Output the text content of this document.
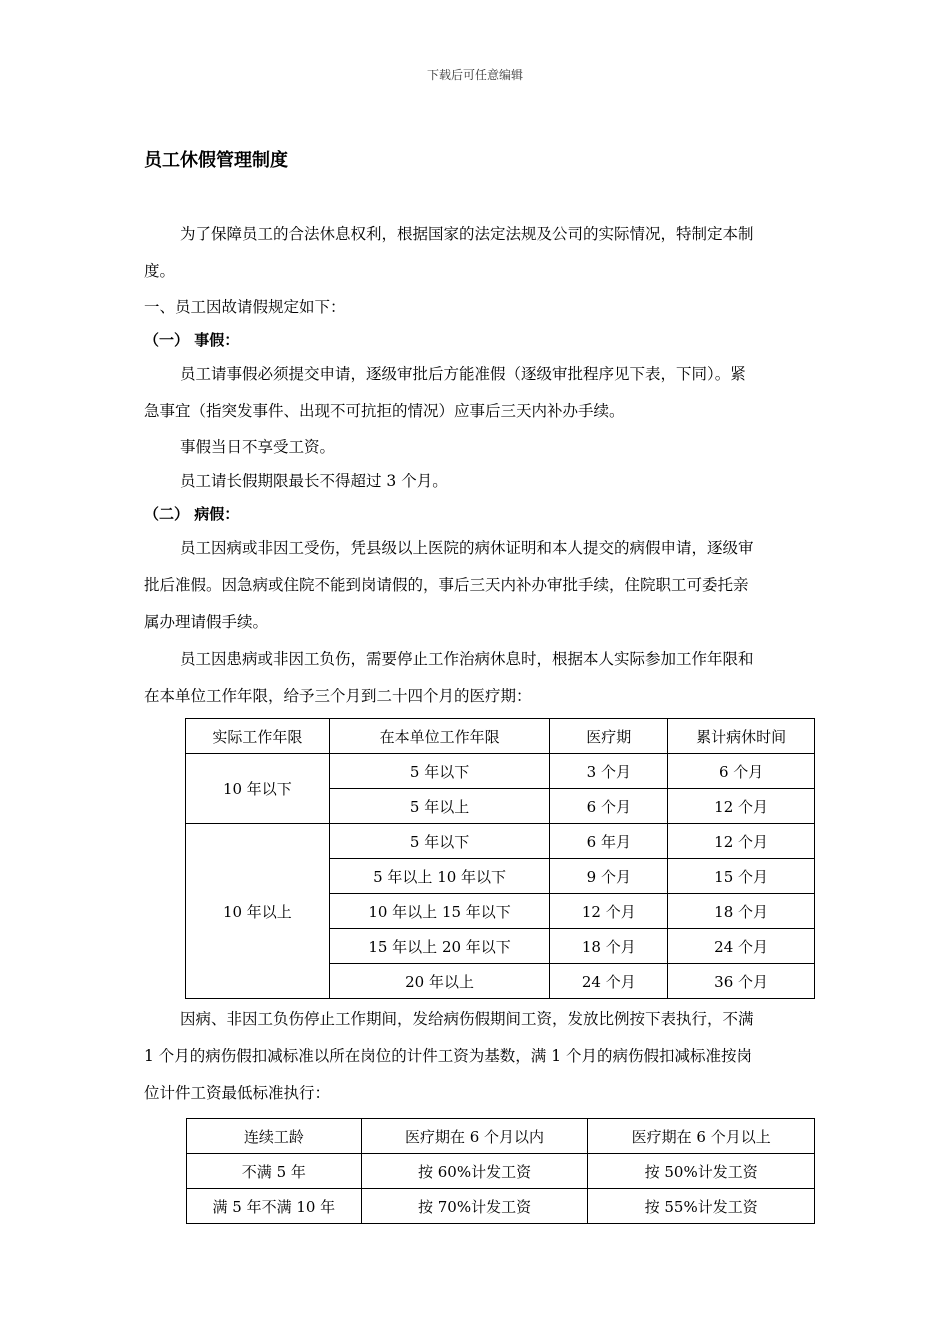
下载后可任意编辑
员工休假管理制度

为了保障员工的合法休息权利，根据国家的法定法规及公司的实际情况，特制定本制

度。

一、员工因故请假规定如下：

（一） 事假：

员工请事假必须提交申请，逐级审批后方能准假（逐级审批程序见下表，下同）。紧

急事宜（指突发事件、出现不可抗拒的情况）应事后三天内补办手续。

事假当日不享受工资。

员工请长假期限最长不得超过 3 个月。

（二） 病假：

员工因病或非因工受伤，凭县级以上医院的病休证明和本人提交的病假申请，逐级审

批后准假。因急病或住院不能到岗请假的，事后三天内补办审批手续，住院职工可委托亲

属办理请假手续。

员工因患病或非因工负伤，需要停止工作治病休息时，根据本人实际参加工作年限和

在本单位工作年限，给予三个月到二十四个月的医疗期：

实际工作年限	在本单位工作年限	医疗期	累计病休时间
10 年以下	5 年以下	3 个月	6 个月
	5 年以上	6 个月	12 个月
10 年以上	5 年以下	6 年月	12 个月
	5 年以上 10 年以下	9 个月	15 个月
	10 年以上 15 年以下	12 个月	18 个月
	15 年以上 20 年以下	18 个月	24 个月
	20 年以上	24 个月	36 个月

因病、非因工负伤停止工作期间，发给病伤假期间工资，发放比例按下表执行，不满

1 个月的病伤假扣减标准以所在岗位的计件工资为基数，满 1 个月的病伤假扣减标准按岗

位计件工资最低标准执行：

连续工龄	医疗期在 6 个月以内	医疗期在 6 个月以上
不满 5 年	按 60%计发工资	按 50%计发工资
满 5 年不满 10 年	按 70%计发工资	按 55%计发工资
